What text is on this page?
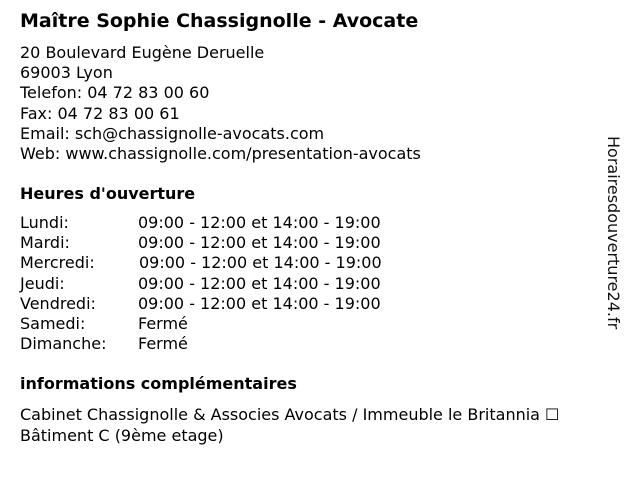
Maître Sophie Chassignolle - Avocate
20 Boulevard Eugène Deruelle
69003 Lyon
Telefon: 04 72 83 00 60
Fax: 04 72 83 00 61
Email: sch@chassignolle-avocats.com
Web: www.chassignolle.com/presentation-avocats
Heures d'ouverture
Lundi:	09:00 - 12:00 et 14:00 - 19:00
Mardi:	09:00 - 12:00 et 14:00 - 19:00
Mercredi:	09:00 - 12:00 et 14:00 - 19:00
Jeudi:	09:00 - 12:00 et 14:00 - 19:00
Vendredi:	09:00 - 12:00 et 14:00 - 19:00
Samedi:	Fermé
Dimanche: Fermé
informations complémentaires
Cabinet Chassignolle & Associes Avocats / Immeuble le Britannia ☐
Bâtiment C (9ème etage)
Horairesdouverture24.fr
